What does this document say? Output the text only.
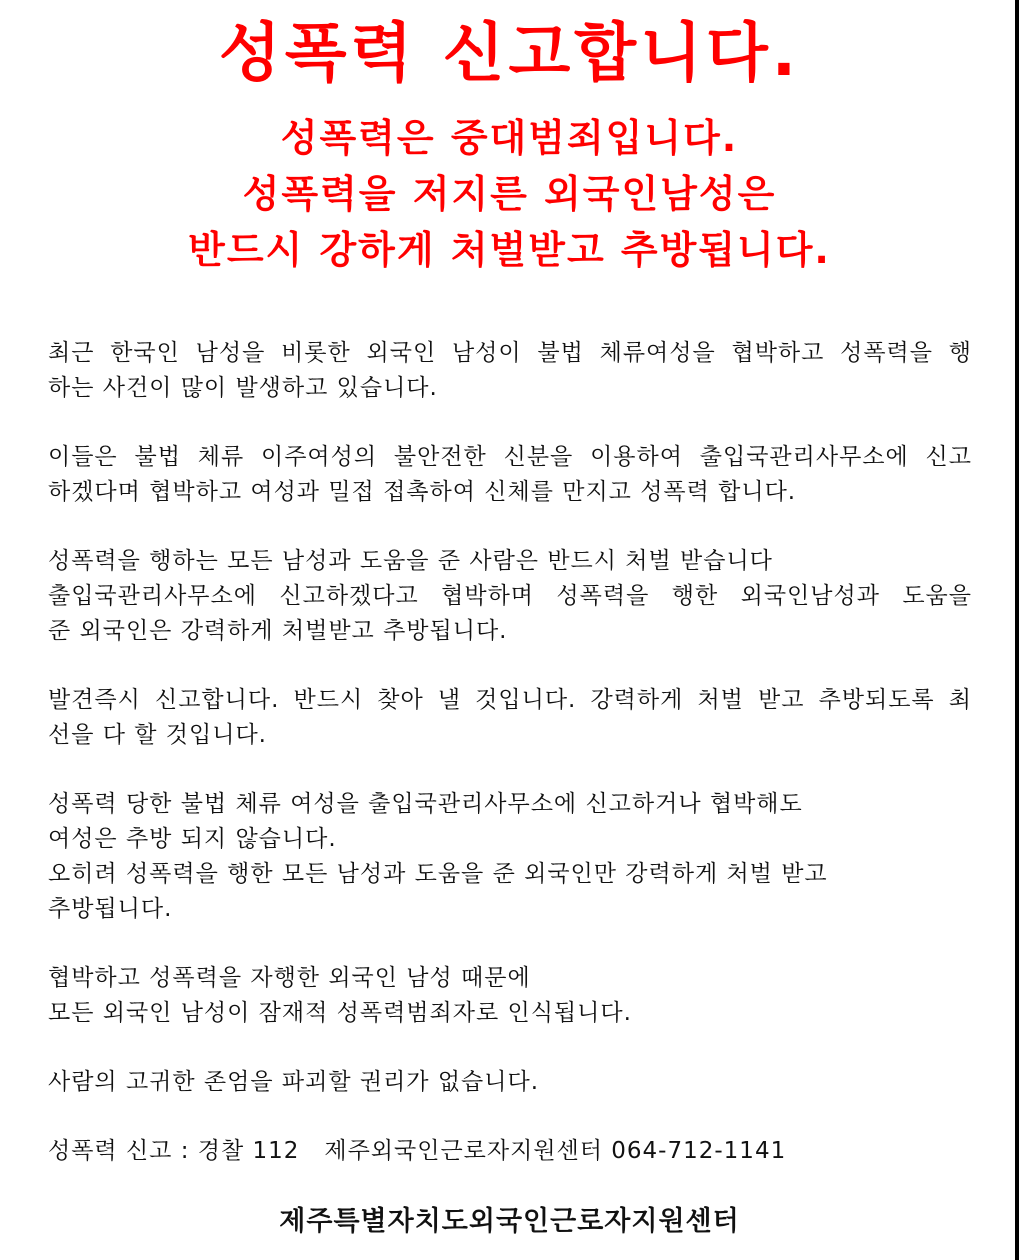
성폭력 신고합니다.
성폭력은 중대범죄입니다.
성폭력을 저지른 외국인남성은
반드시 강하게 처벌받고 추방됩니다.

최근 한국인 남성을 비롯한 외국인 남성이 불법 체류여성을 협박하고 성폭력을 행
하는 사건이 많이 발생하고 있습니다.

이들은 불법 체류 이주여성의 불안전한 신분을 이용하여 출입국관리사무소에 신고
하겠다며 협박하고 여성과 밀접 접촉하여 신체를 만지고 성폭력 합니다.

성폭력을 행하는 모든 남성과 도움을 준 사람은 반드시 처벌 받습니다
출입국관리사무소에 신고하겠다고 협박하며 성폭력을 행한 외국인남성과 도움을
준 외국인은 강력하게 처벌받고 추방됩니다.

발견즉시 신고합니다. 반드시 찾아 낼 것입니다. 강력하게 처벌 받고 추방되도록 최
선을 다 할 것입니다.

성폭력 당한 불법 체류 여성을 출입국관리사무소에 신고하거나 협박해도
여성은 추방 되지 않습니다.
오히려 성폭력을 행한 모든 남성과 도움을 준 외국인만 강력하게 처벌 받고
추방됩니다.

협박하고 성폭력을 자행한 외국인 남성 때문에
모든 외국인 남성이 잠재적 성폭력범죄자로 인식됩니다.

사람의 고귀한 존엄을 파괴할 권리가 없습니다.

성폭력 신고 : 경찰 112   제주외국인근로자지원센터 064-712-1141

제주특별자치도외국인근로자지원센터
